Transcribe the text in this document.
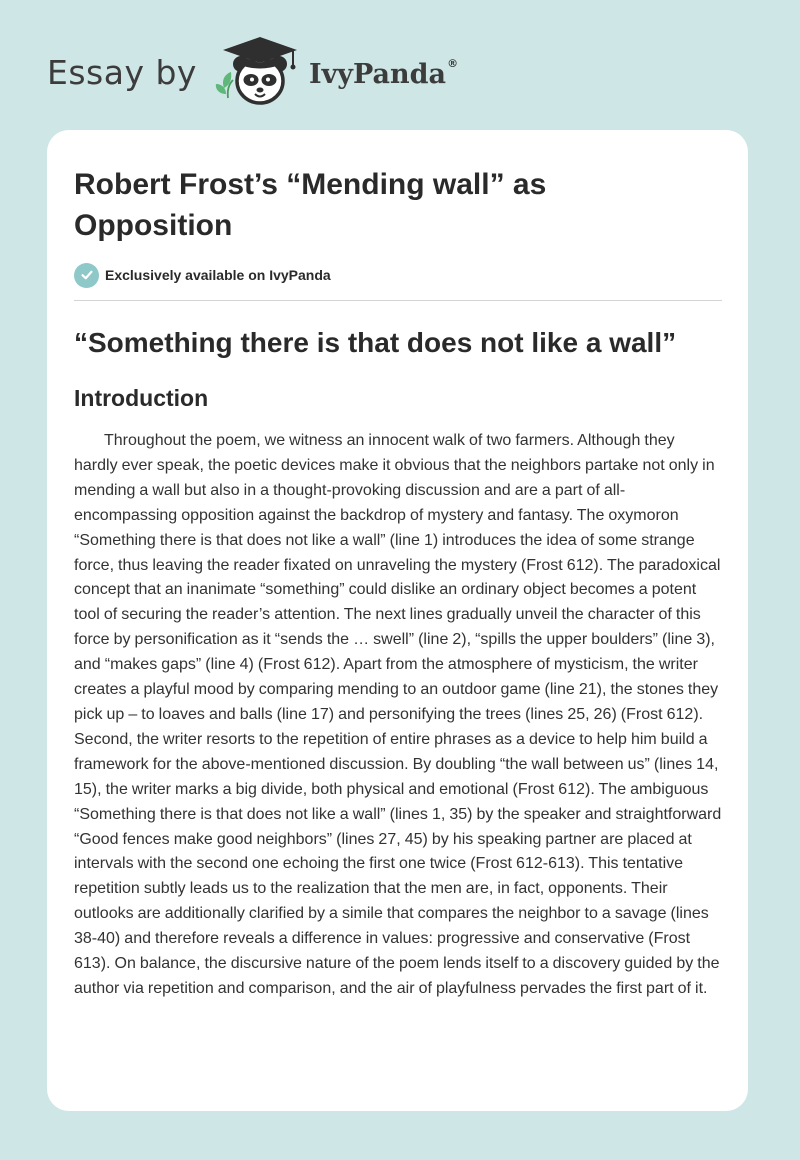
Essay by	IvyPanda®
Robert Frost’s “Mending wall” as Opposition
Exclusively available on IvyPanda
“Something there is that does not like a wall”
Introduction

Throughout the poem, we witness an innocent walk of two farmers. Although they hardly ever speak, the poetic devices make it obvious that the neighbors partake not only in mending a wall but also in a thought-provoking discussion and are a part of all-encompassing opposition against the backdrop of mystery and fantasy. The oxymoron “Something there is that does not like a wall” (line 1) introduces the idea of some strange force, thus leaving the reader fixated on unraveling the mystery (Frost 612). The paradoxical concept that an inanimate “something” could dislike an ordinary object becomes a potent tool of securing the reader’s attention. The next lines gradually unveil the character of this force by personification as it “sends the … swell” (line 2), “spills the upper boulders” (line 3), and “makes gaps” (line 4) (Frost 612). Apart from the atmosphere of mysticism, the writer creates a playful mood by comparing mending to an outdoor game (line 21), the stones they pick up – to loaves and balls (line 17) and personifying the trees (lines 25, 26) (Frost 612). Second, the writer resorts to the repetition of entire phrases as a device to help him build a framework for the above-mentioned discussion. By doubling “the wall between us” (lines 14, 15), the writer marks a big divide, both physical and emotional (Frost 612). The ambiguous “Something there is that does not like a wall” (lines 1, 35) by the speaker and straightforward “Good fences make good neighbors” (lines 27, 45) by his speaking partner are placed at intervals with the second one echoing the first one twice (Frost 612-613). This tentative repetition subtly leads us to the realization that the men are, in fact, opponents. Their outlooks are additionally clarified by a simile that compares the neighbor to a savage (lines 38-40) and therefore reveals a difference in values: progressive and conservative (Frost 613). On balance, the discursive nature of the poem lends itself to a discovery guided by the author via repetition and comparison, and the air of playfulness pervades the first part of it.
